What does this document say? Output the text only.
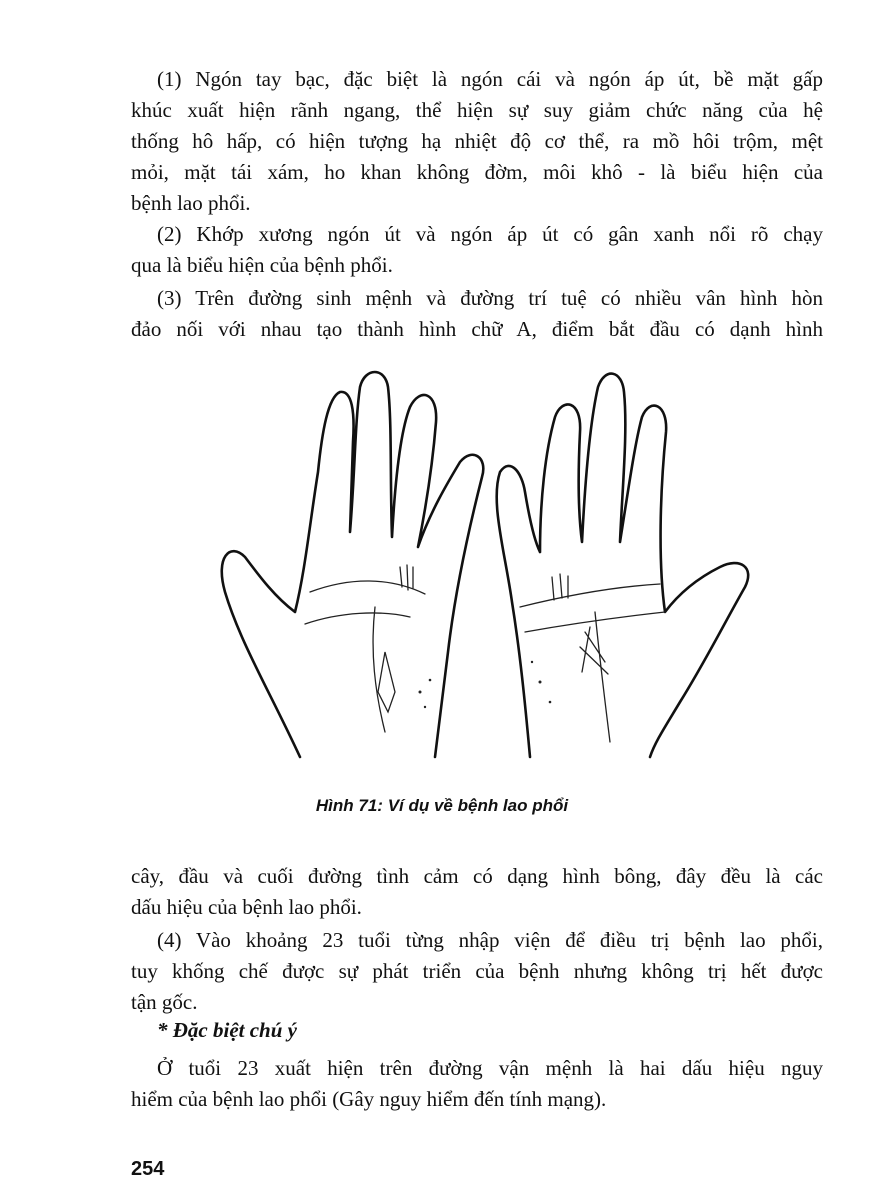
(1) Ngón tay bạc, đặc biệt là ngón cái và ngón áp út, bề mặt gấp
khúc xuất hiện rãnh ngang, thể hiện sự suy giảm chức năng của hệ
thống hô hấp, có hiện tượng hạ nhiệt độ cơ thể, ra mồ hôi trộm, mệt
mỏi, mặt tái xám, ho khan không đờm, môi khô - là biểu hiện của
bệnh lao phổi.

(2) Khớp xương ngón út và ngón áp út có gân xanh nổi rõ chạy
qua là biểu hiện của bệnh phổi.

(3) Trên đường sinh mệnh và đường trí tuệ có nhiều vân hình hòn
đảo nối với nhau tạo thành hình chữ A, điểm bắt đầu có dạnh hình

Hình 71: Ví dụ về bệnh lao phổi

cây, đầu và cuối đường tình cảm có dạng hình bông, đây đều là các
dấu hiệu của bệnh lao phổi.

(4) Vào khoảng 23 tuổi từng nhập viện để điều trị bệnh lao phổi,
tuy khống chế được sự phát triển của bệnh nhưng không trị hết được
tận gốc.

* Đặc biệt chú ý

Ở tuổi 23 xuất hiện trên đường vận mệnh là hai dấu hiệu nguy
hiểm của bệnh lao phổi (Gây nguy hiểm đến tính mạng).

254
